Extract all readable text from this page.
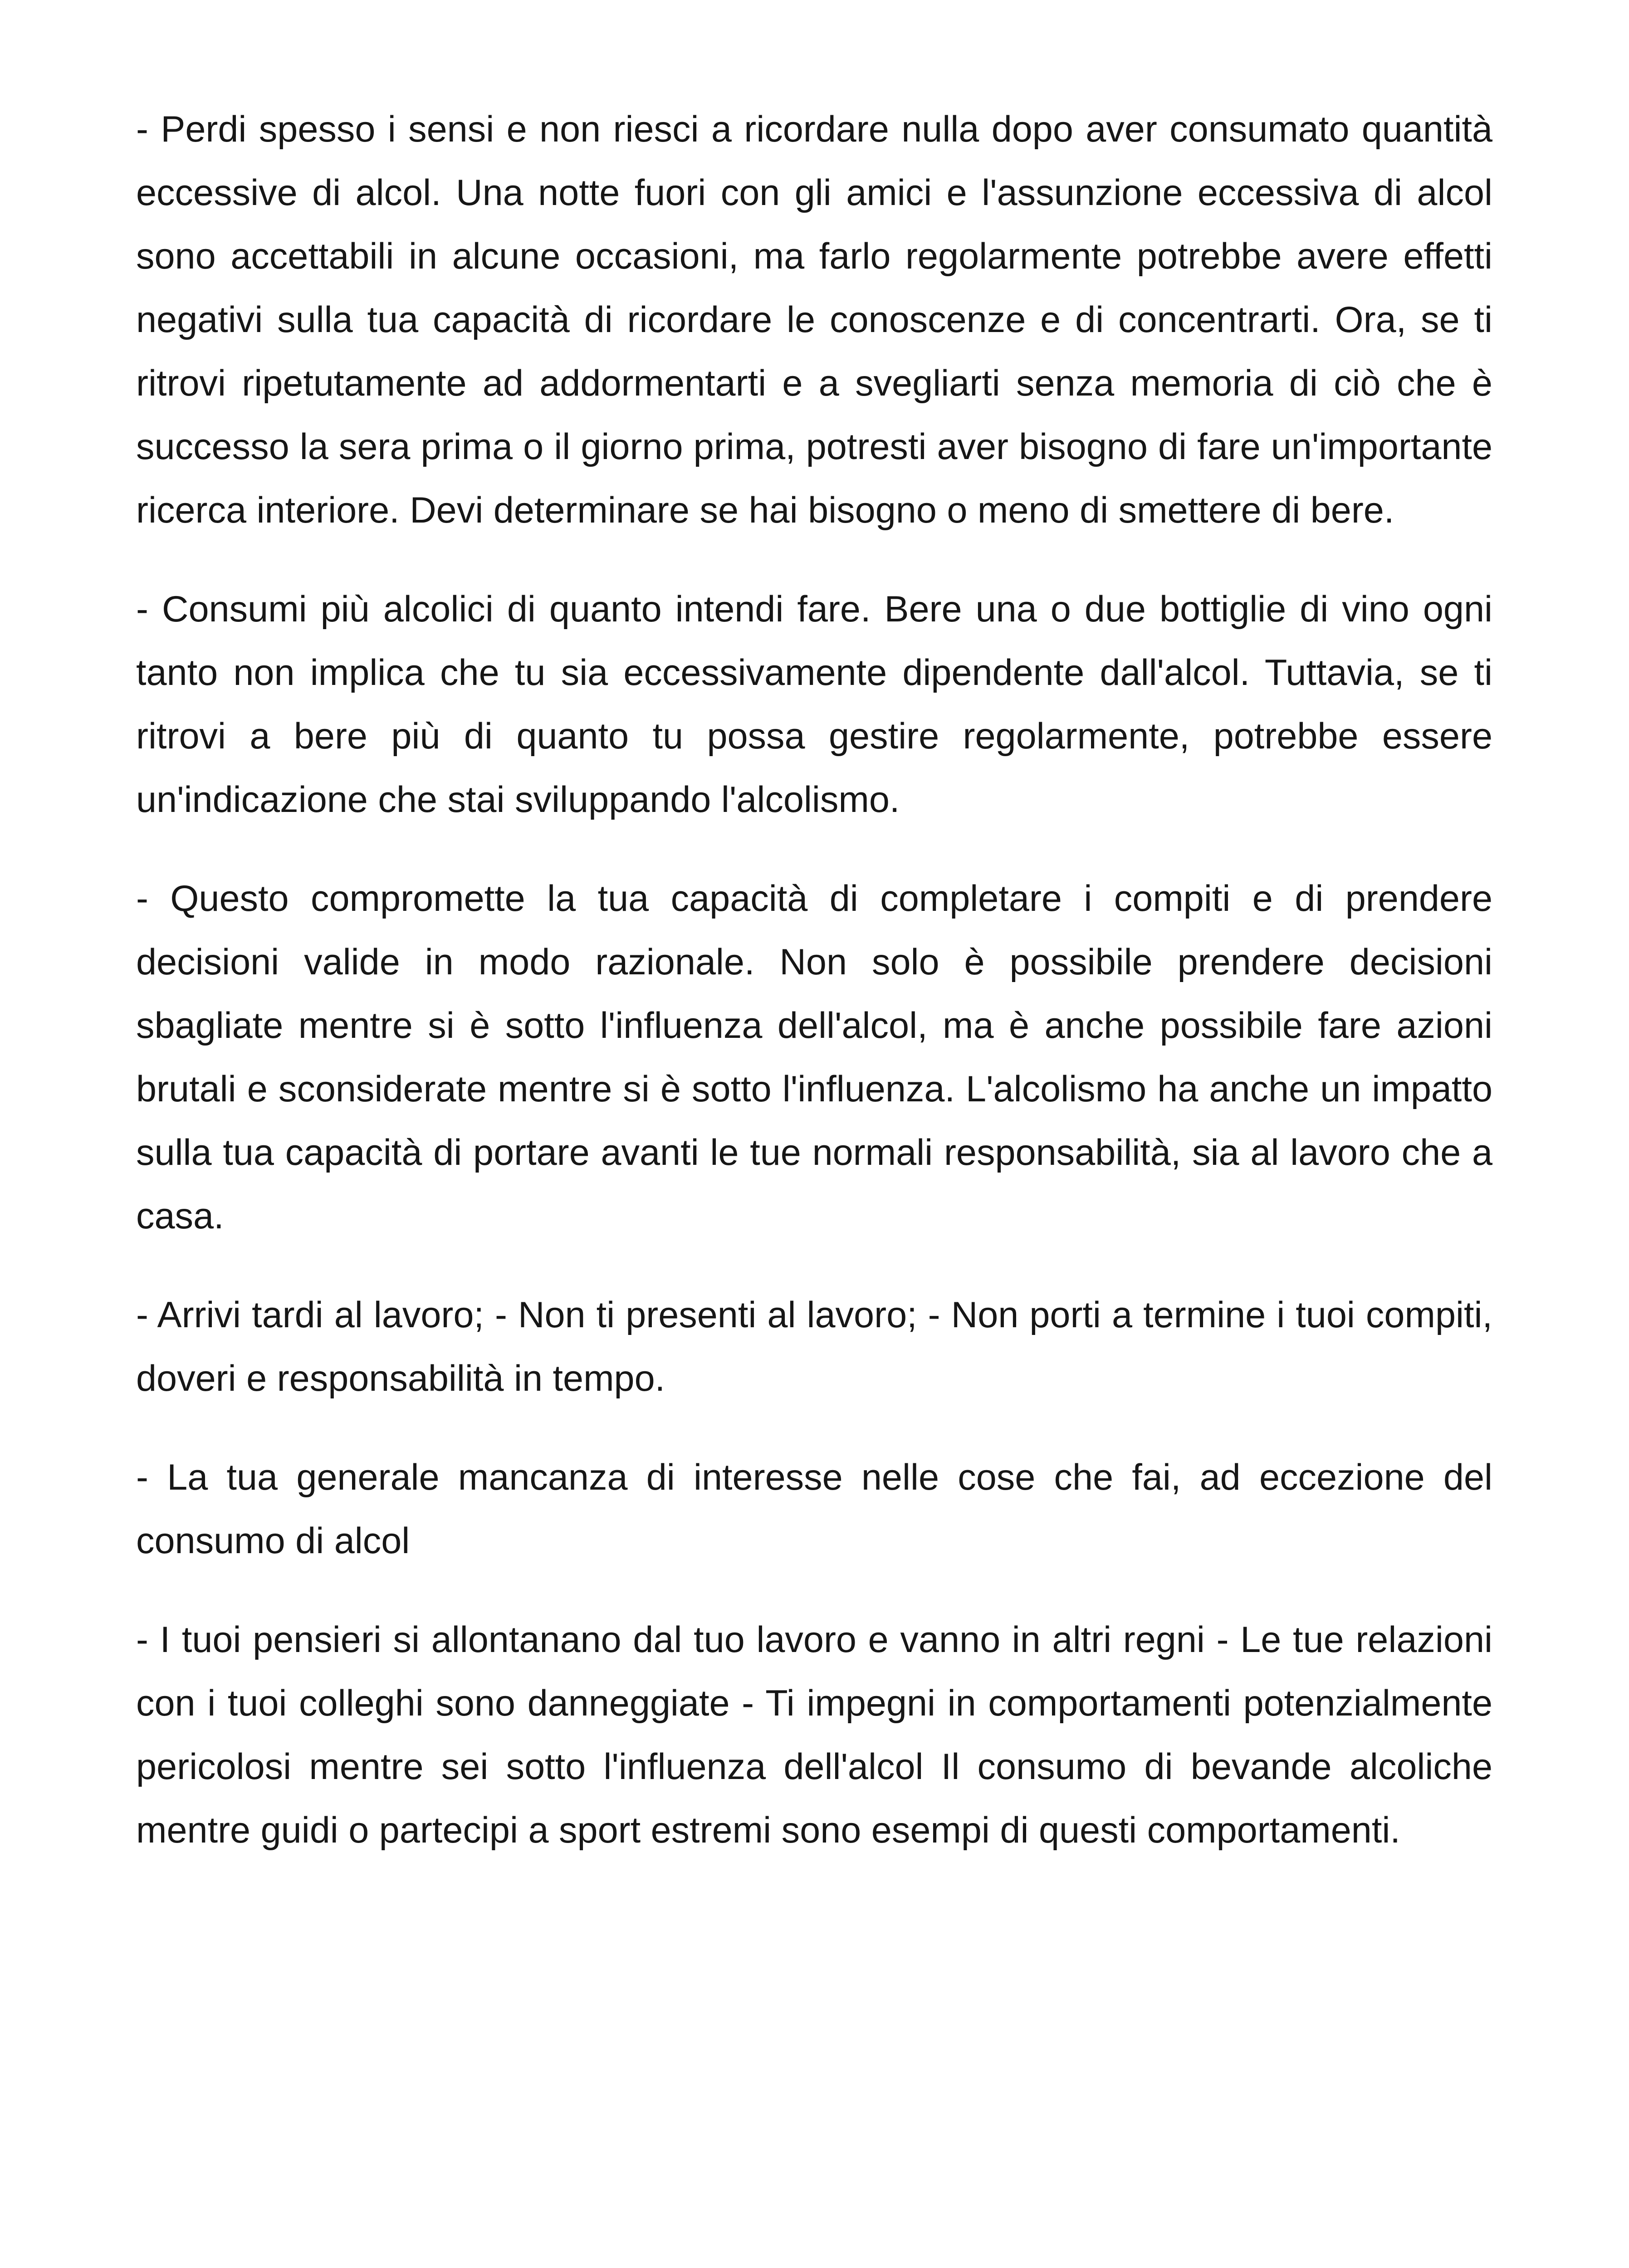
- Perdi spesso i sensi e non riesci a ricordare nulla dopo aver consumato quantità eccessive di alcol. Una notte fuori con gli amici e l'assunzione eccessiva di alcol sono accettabili in alcune occasioni, ma farlo regolarmente potrebbe avere effetti negativi sulla tua capacità di ricordare le conoscenze e di concentrarti. Ora, se ti ritrovi ripetutamente ad addormentarti e a svegliarti senza memoria di ciò che è successo la sera prima o il giorno prima, potresti aver bisogno di fare un'importante ricerca interiore. Devi determinare se hai bisogno o meno di smettere di bere.

- Consumi più alcolici di quanto intendi fare. Bere una o due bottiglie di vino ogni tanto non implica che tu sia eccessivamente dipendente dall'alcol. Tuttavia, se ti ritrovi a bere più di quanto tu possa gestire regolarmente, potrebbe essere un'indicazione che stai sviluppando l'alcolismo.

- Questo compromette la tua capacità di completare i compiti e di prendere decisioni valide in modo razionale. Non solo è possibile prendere decisioni sbagliate mentre si è sotto l'influenza dell'alcol, ma è anche possibile fare azioni brutali e sconsiderate mentre si è sotto l'influenza. L'alcolismo ha anche un impatto sulla tua capacità di portare avanti le tue normali responsabilità, sia al lavoro che a casa.

- Arrivi tardi al lavoro; - Non ti presenti al lavoro; - Non porti a termine i tuoi compiti, doveri e responsabilità in tempo.

- La tua generale mancanza di interesse nelle cose che fai, ad eccezione del consumo di alcol

- I tuoi pensieri si allontanano dal tuo lavoro e vanno in altri regni - Le tue relazioni con i tuoi colleghi sono danneggiate - Ti impegni in comportamenti potenzialmente pericolosi mentre sei sotto l'influenza dell'alcol Il consumo di bevande alcoliche mentre guidi o partecipi a sport estremi sono esempi di questi comportamenti.
